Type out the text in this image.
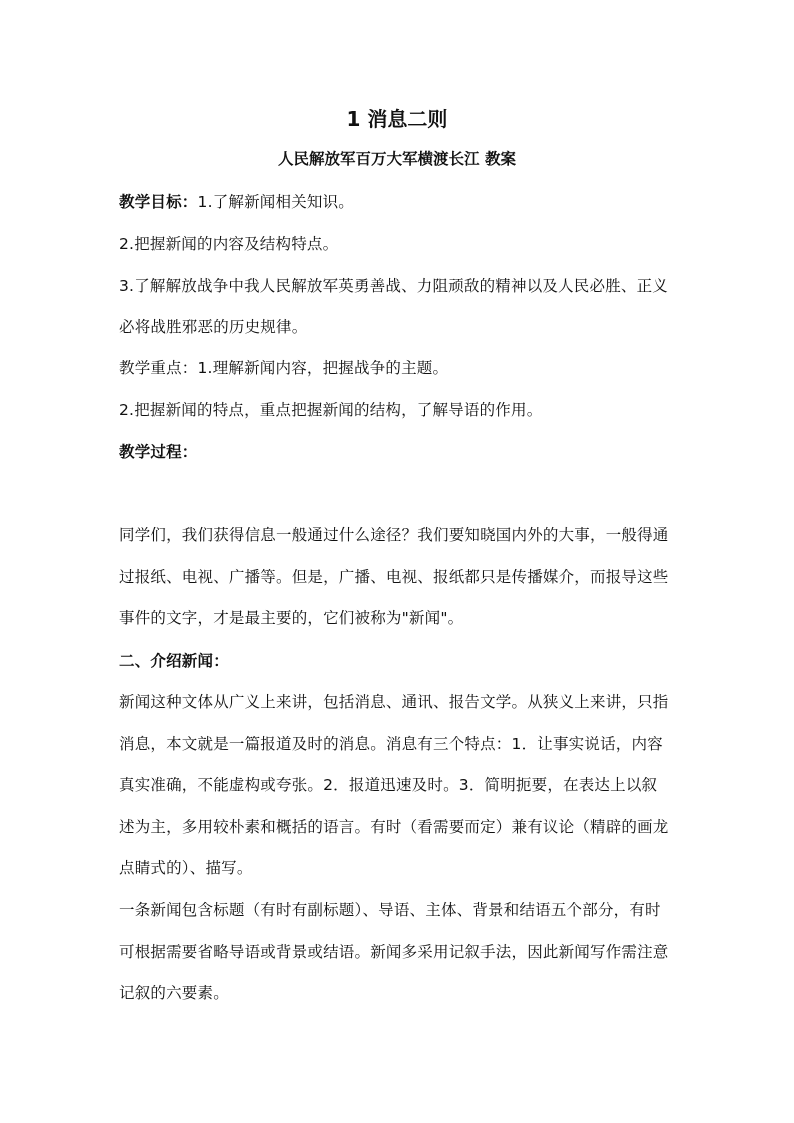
1 消息二则
人民解放军百万大军横渡长江 教案
教学目标：1.了解新闻相关知识。
2.把握新闻的内容及结构特点。
3.了解解放战争中我人民解放军英勇善战、力阻顽敌的精神以及人民必胜、正义
必将战胜邪恶的历史规律。
教学重点：1.理解新闻内容，把握战争的主题。
2.把握新闻的特点，重点把握新闻的结构，了解导语的作用。
教学过程：
同学们，我们获得信息一般通过什么途径？我们要知晓国内外的大事，一般得通
过报纸、电视、广播等。但是，广播、电视、报纸都只是传播媒介，而报导这些
事件的文字，才是最主要的，它们被称为"新闻"。
二、介绍新闻：
新闻这种文体从广义上来讲，包括消息、通讯、报告文学。从狭义上来讲，只指
消息，本文就是一篇报道及时的消息。消息有三个特点：1．让事实说话，内容
真实准确，不能虚构或夸张。2．报道迅速及时。3．简明扼要，在表达上以叙
述为主，多用较朴素和概括的语言。有时（看需要而定）兼有议论（精辟的画龙
点睛式的）、描写。
一条新闻包含标题（有时有副标题）、导语、主体、背景和结语五个部分，有时
可根据需要省略导语或背景或结语。新闻多采用记叙手法，因此新闻写作需注意
记叙的六要素。
